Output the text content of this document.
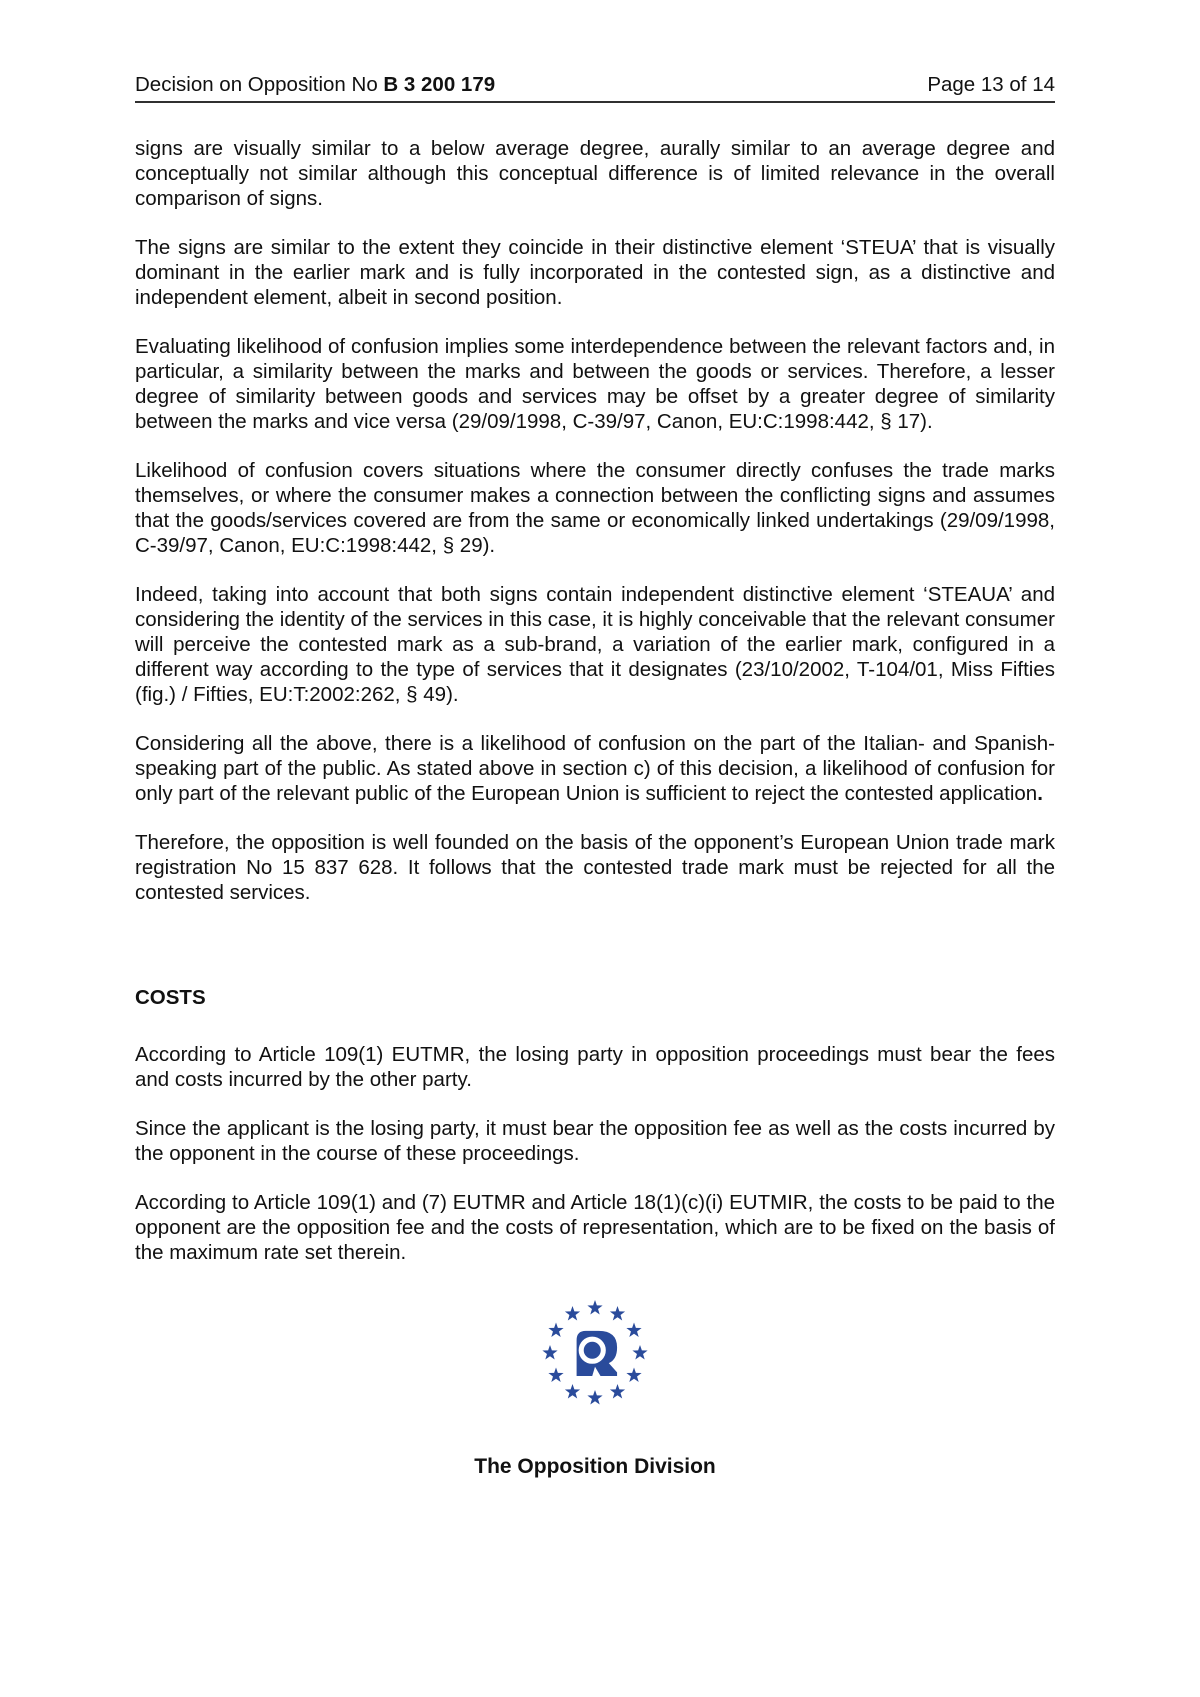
Decision on Opposition No B 3 200 179	Page 13 of 14

signs are visually similar to a below average degree, aurally similar to an average degree and conceptually not similar although this conceptual difference is of limited relevance in the overall comparison of signs.

The signs are similar to the extent they coincide in their distinctive element ‘STEUA’ that is visually dominant in the earlier mark and is fully incorporated in the contested sign, as a distinctive and independent element, albeit in second position.

Evaluating likelihood of confusion implies some interdependence between the relevant factors and, in particular, a similarity between the marks and between the goods or services. Therefore, a lesser degree of similarity between goods and services may be offset by a greater degree of similarity between the marks and vice versa (29/09/1998, C-39/97, Canon, EU:C:1998:442, § 17).

Likelihood of confusion covers situations where the consumer directly confuses the trade marks themselves, or where the consumer makes a connection between the conflicting signs and assumes that the goods/services covered are from the same or economically linked undertakings (29/09/1998, C-39/97, Canon, EU:C:1998:442, § 29).

Indeed, taking into account that both signs contain independent distinctive element ‘STEAUA’ and considering the identity of the services in this case, it is highly conceivable that the relevant consumer will perceive the contested mark as a sub-brand, a variation of the earlier mark, configured in a different way according to the type of services that it designates (23/10/2002, T-104/01, Miss Fifties (fig.) / Fifties, EU:T:2002:262, § 49).

Considering all the above, there is a likelihood of confusion on the part of the Italian- and Spanish- speaking part of the public. As stated above in section c) of this decision, a likelihood of confusion for only part of the relevant public of the European Union is sufficient to reject the contested application.

Therefore, the opposition is well founded on the basis of the opponent’s European Union trade mark registration No 15 837 628. It follows that the contested trade mark must be rejected for all the contested services.

COSTS

According to Article 109(1) EUTMR, the losing party in opposition proceedings must bear the fees and costs incurred by the other party.

Since the applicant is the losing party, it must bear the opposition fee as well as the costs incurred by the opponent in the course of these proceedings.

According to Article 109(1) and (7) EUTMR and Article 18(1)(c)(i) EUTMIR, the costs to be paid to the opponent are the opposition fee and the costs of representation, which are to be fixed on the basis of the maximum rate set therein.

The Opposition Division
